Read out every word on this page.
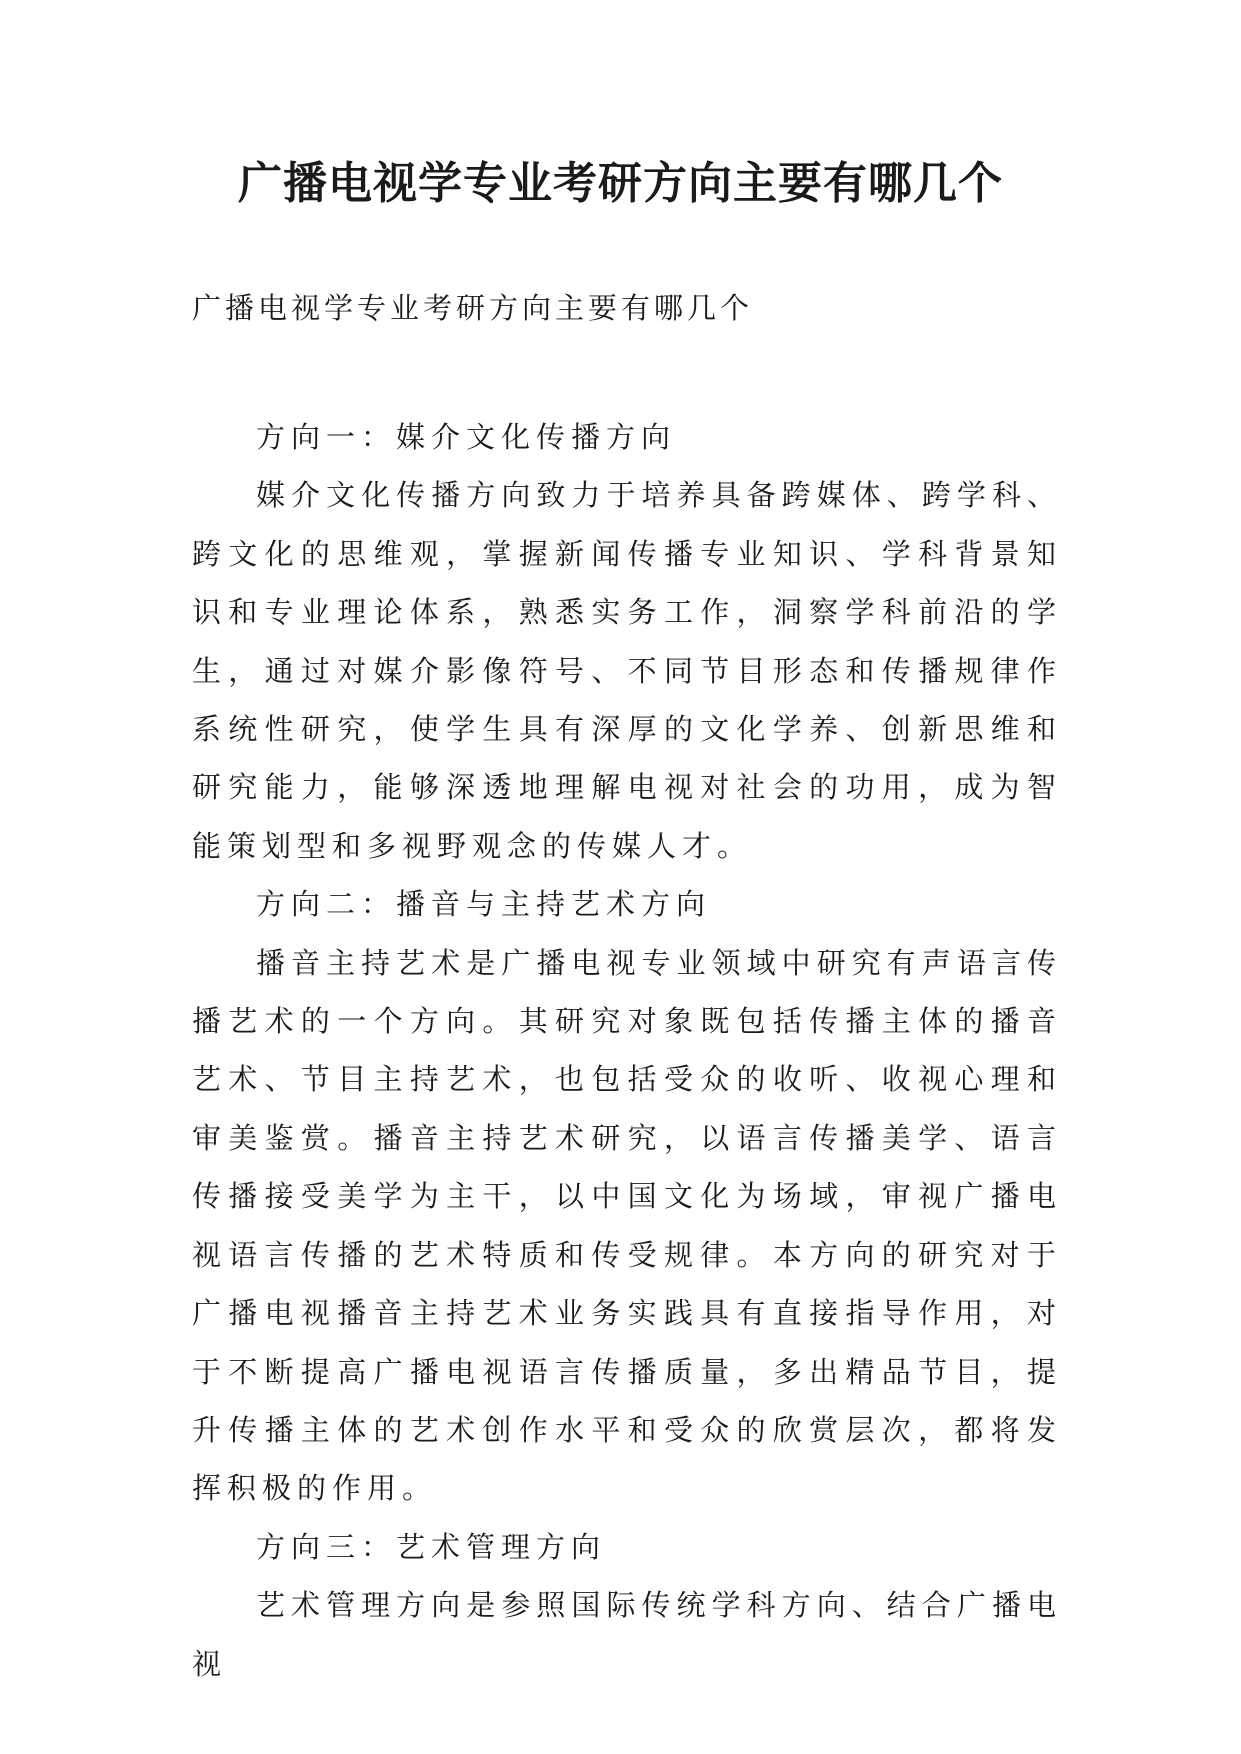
广播电视学专业考研方向主要有哪几个

广播电视学专业考研方向主要有哪几个

方向一：媒介文化传播方向

媒介文化传播方向致力于培养具备跨媒体、跨学科、跨文化的思维观，掌握新闻传播专业知识、学科背景知识和专业理论体系，熟悉实务工作，洞察学科前沿的学生，通过对媒介影像符号、不同节目形态和传播规律作系统性研究，使学生具有深厚的文化学养、创新思维和研究能力，能够深透地理解电视对社会的功用，成为智能策划型和多视野观念的传媒人才。

方向二：播音与主持艺术方向

播音主持艺术是广播电视专业领域中研究有声语言传播艺术的一个方向。其研究对象既包括传播主体的播音艺术、节目主持艺术，也包括受众的收听、收视心理和审美鉴赏。播音主持艺术研究，以语言传播美学、语言传播接受美学为主干，以中国文化为场域，审视广播电视语言传播的艺术特质和传受规律。本方向的研究对于广播电视播音主持艺术业务实践具有直接指导作用，对于不断提高广播电视语言传播质量，多出精品节目，提升传播主体的艺术创作水平和受众的欣赏层次，都将发挥积极的作用。

方向三：艺术管理方向

艺术管理方向是参照国际传统学科方向、结合广播电视
